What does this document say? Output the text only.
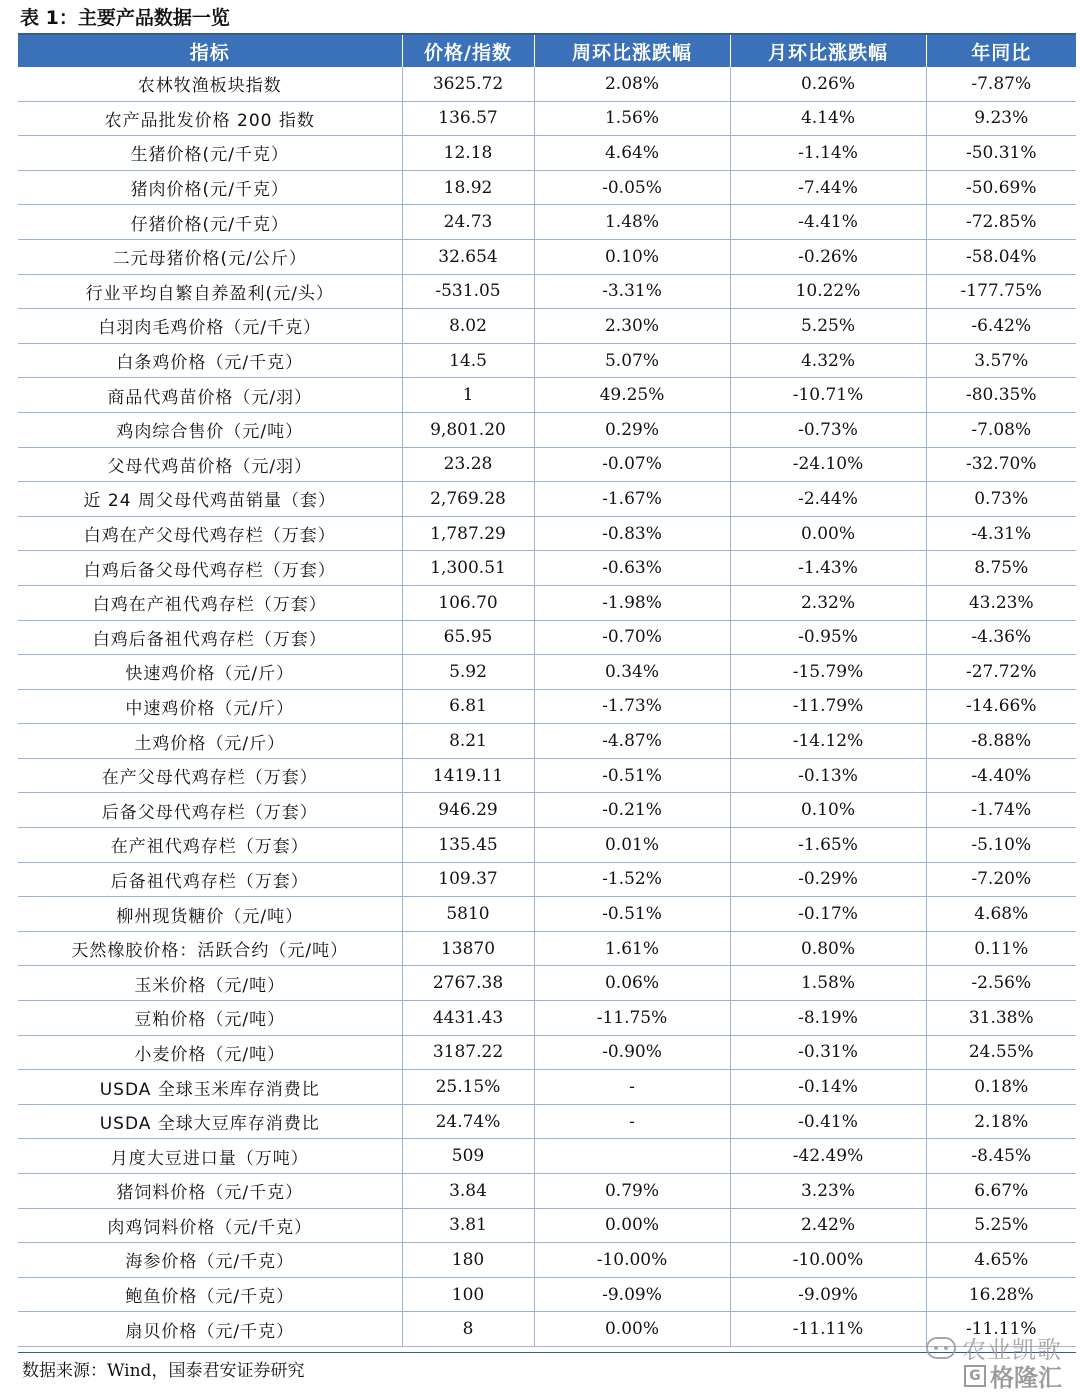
表 1：主要产品数据一览
指标	价格/指数	周环比涨跌幅	月环比涨跌幅	年同比
农林牧渔板块指数	3625.72	2.08%	0.26%	-7.87%
农产品批发价格 200 指数	136.57	1.56%	4.14%	9.23%
生猪价格(元/千克）	12.18	4.64%	-1.14%	-50.31%
猪肉价格(元/千克）	18.92	-0.05%	-7.44%	-50.69%
仔猪价格(元/千克）	24.73	1.48%	-4.41%	-72.85%
二元母猪价格(元/公斤）	32.654	0.10%	-0.26%	-58.04%
行业平均自繁自养盈利(元/头）	-531.05	-3.31%	10.22%	-177.75%
白羽肉毛鸡价格（元/千克）	8.02	2.30%	5.25%	-6.42%
白条鸡价格（元/千克）	14.5	5.07%	4.32%	3.57%
商品代鸡苗价格（元/羽）	1	49.25%	-10.71%	-80.35%
鸡肉综合售价（元/吨）	9,801.20	0.29%	-0.73%	-7.08%
父母代鸡苗价格（元/羽）	23.28	-0.07%	-24.10%	-32.70%
近 24 周父母代鸡苗销量（套）	2,769.28	-1.67%	-2.44%	0.73%
白鸡在产父母代鸡存栏（万套）	1,787.29	-0.83%	0.00%	-4.31%
白鸡后备父母代鸡存栏（万套）	1,300.51	-0.63%	-1.43%	8.75%
白鸡在产祖代鸡存栏（万套）	106.70	-1.98%	2.32%	43.23%
白鸡后备祖代鸡存栏（万套）	65.95	-0.70%	-0.95%	-4.36%
快速鸡价格（元/斤）	5.92	0.34%	-15.79%	-27.72%
中速鸡价格（元/斤）	6.81	-1.73%	-11.79%	-14.66%
土鸡价格（元/斤）	8.21	-4.87%	-14.12%	-8.88%
在产父母代鸡存栏（万套）	1419.11	-0.51%	-0.13%	-4.40%
后备父母代鸡存栏（万套）	946.29	-0.21%	0.10%	-1.74%
在产祖代鸡存栏（万套）	135.45	0.01%	-1.65%	-5.10%
后备祖代鸡存栏（万套）	109.37	-1.52%	-0.29%	-7.20%
柳州现货糖价（元/吨）	5810	-0.51%	-0.17%	4.68%
天然橡胶价格：活跃合约（元/吨）	13870	1.61%	0.80%	0.11%
玉米价格（元/吨）	2767.38	0.06%	1.58%	-2.56%
豆粕价格（元/吨）	4431.43	-11.75%	-8.19%	31.38%
小麦价格（元/吨）	3187.22	-0.90%	-0.31%	24.55%
USDA 全球玉米库存消费比	25.15%	-	-0.14%	0.18%
USDA 全球大豆库存消费比	24.74%	-	-0.41%	2.18%
月度大豆进口量（万吨）	509		-42.49%	-8.45%
猪饲料价格（元/千克）	3.84	0.79%	3.23%	6.67%
肉鸡饲料价格（元/千克）	3.81	0.00%	2.42%	5.25%
海参价格（元/千克）	180	-10.00%	-10.00%	4.65%
鲍鱼价格（元/千克）	100	-9.09%	-9.09%	16.28%
扇贝价格（元/千克）	8	0.00%	-11.11%	-11.11%
数据来源：Wind，国泰君安证券研究
农业凯歌
G 格隆汇
